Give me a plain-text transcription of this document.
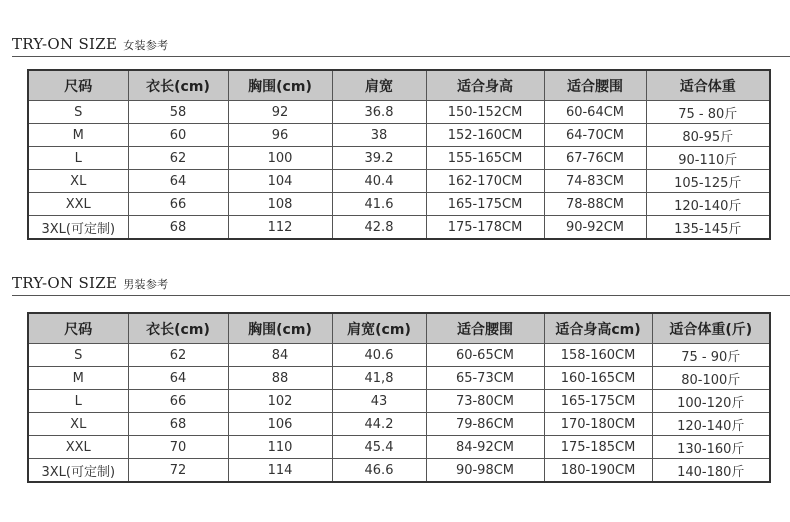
TRY-ON SIZE 女装参考
尺码	衣长(cm)	胸围(cm)	肩宽	适合身高	适合腰围	适合体重
S	58	92	36.8	150-152CM	60-64CM	75 - 80斤
M	60	96	38	152-160CM	64-70CM	80-95斤
L	62	100	39.2	155-165CM	67-76CM	90-110斤
XL	64	104	40.4	162-170CM	74-83CM	105-125斤
XXL	66	108	41.6	165-175CM	78-88CM	120-140斤
3XL(可定制)	68	112	42.8	175-178CM	90-92CM	135-145斤
TRY-ON SIZE 男装参考
尺码	衣长(cm)	胸围(cm)	肩宽(cm)	适合腰围	适合身高cm)	适合体重(斤)
S	62	84	40.6	60-65CM	158-160CM	75 - 90斤
M	64	88	41,8	65-73CM	160-165CM	80-100斤
L	66	102	43	73-80CM	165-175CM	100-120斤
XL	68	106	44.2	79-86CM	170-180CM	120-140斤
XXL	70	110	45.4	84-92CM	175-185CM	130-160斤
3XL(可定制)	72	114	46.6	90-98CM	180-190CM	140-180斤
